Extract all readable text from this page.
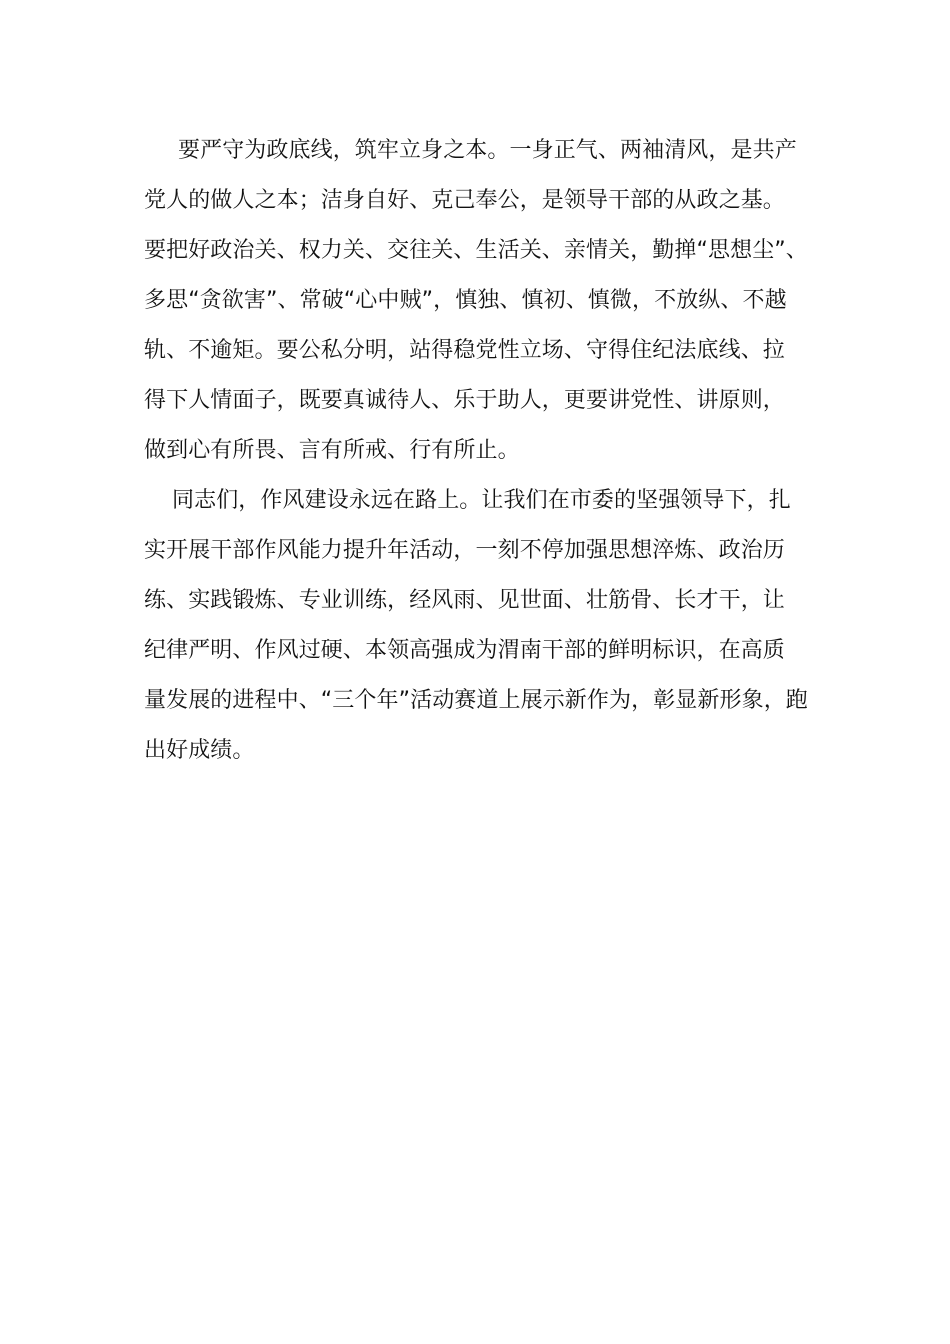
要严守为政底线，筑牢立身之本。一身正气、两袖清风，是共产
党人的做人之本；洁身自好、克己奉公，是领导干部的从政之基。
要把好政治关、权力关、交往关、生活关、亲情关，勤掸“思想尘”、
多思“贪欲害”、常破“心中贼”，慎独、慎初、慎微，不放纵、不越
轨、不逾矩。要公私分明，站得稳党性立场、守得住纪法底线、拉
得下人情面子，既要真诚待人、乐于助人，更要讲党性、讲原则，
做到心有所畏、言有所戒、行有所止。
同志们，作风建设永远在路上。让我们在市委的坚强领导下，扎
实开展干部作风能力提升年活动，一刻不停加强思想淬炼、政治历
练、实践锻炼、专业训练，经风雨、见世面、壮筋骨、长才干，让
纪律严明、作风过硬、本领高强成为渭南干部的鲜明标识，在高质
量发展的进程中、“三个年”活动赛道上展示新作为，彰显新形象，跑
出好成绩。
